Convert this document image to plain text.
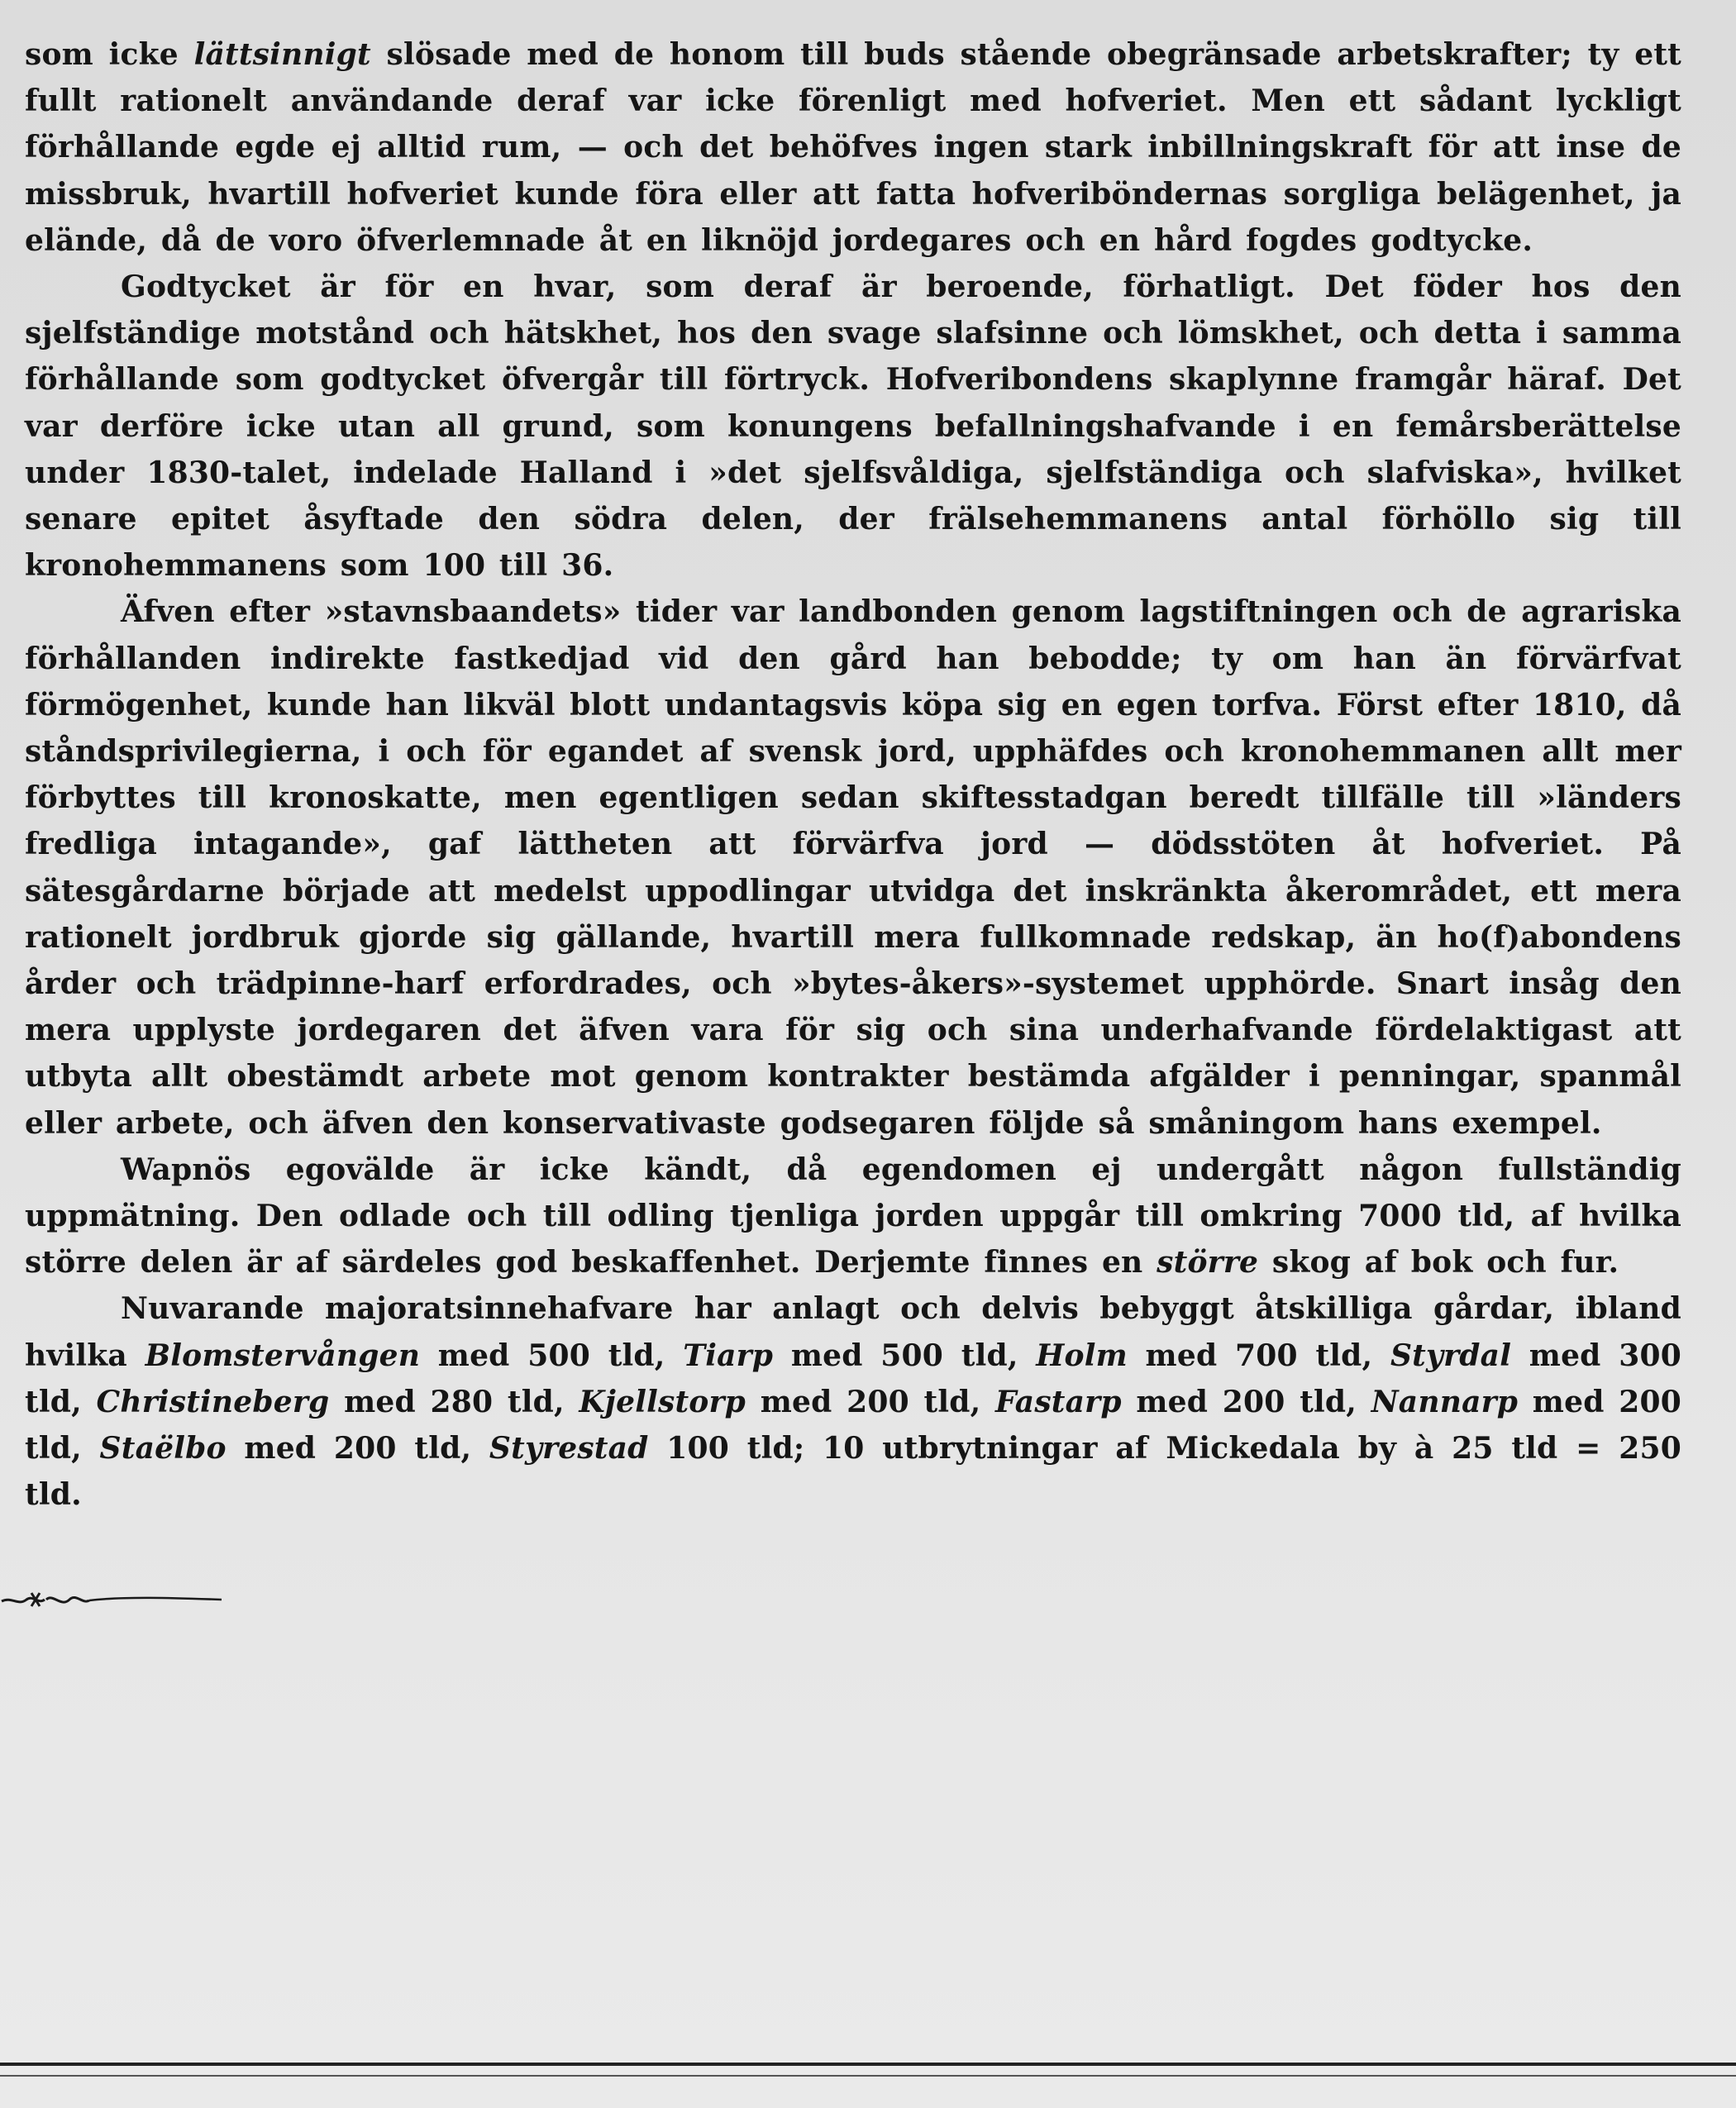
som icke lättsinnigt slösade med de honom till buds stående obegränsade arbetskrafter; ty ett fullt rationelt användande deraf var icke förenligt med hofveriet. Men ett sådant lyckligt förhållande egde ej alltid rum, — och det behöfves ingen stark inbillningskraft för att inse de missbruk, hvartill hofveriet kunde föra eller att fatta hofveriböndernas sorgliga belägenhet, ja elände, då de voro öfverlemnade åt en liknöjd jordegares och en hård fogdes godtycke.

Godtycket är för en hvar, som deraf är beroende, förhatligt. Det föder hos den sjelfständige motstånd och hätskhet, hos den svage slafsinne och lömskhet, och detta i samma förhållande som godtycket öfvergår till förtryck. Hofveribondens skaplynne framgår häraf. Det var derföre icke utan all grund, som konungens befallningshafvande i en femårsberättelse under 1830-talet, indelade Halland i »det sjelfsvåldiga, sjelfständiga och slafviska», hvilket senare epitet åsyftade den södra delen, der frälsehemmanens antal förhöllo sig till kronohemmanens som 100 till 36.

Äfven efter »stavnsbaandets» tider var landbonden genom lagstiftningen och de agrariska förhållanden indirekte fastkedjad vid den gård han bebodde; ty om han än förvärfvat förmögenhet, kunde han likväl blott undantagsvis köpa sig en egen torfva. Först efter 1810, då ståndsprivilegierna, i och för egandet af svensk jord, upphäfdes och kronohemmanen allt mer förbyttes till kronoskatte, men egentligen sedan skiftesstadgan beredt tillfälle till »länders fredliga intagande», gaf lättheten att förvärfva jord — dödsstöten åt hofveriet. På sätesgårdarne började att medelst uppodlingar utvidga det inskränkta åkerområdet, ett mera rationelt jordbruk gjorde sig gällande, hvartill mera fullkomnade redskap, än ho(f)abondens årder och trädpinne-harf erfordrades, och »bytes-åkers»-systemet upphörde. Snart insåg den mera upplyste jordegaren det äfven vara för sig och sina underhafvande fördelaktigast att utbyta allt obestämdt arbete mot genom kontrakter bestämda afgälder i penningar, spanmål eller arbete, och äfven den konservativaste godsegaren följde så småningom hans exempel.

Wapnös egovälde är icke kändt, då egendomen ej undergått någon fullständig uppmätning. Den odlade och till odling tjenliga jorden uppgår till omkring 7000 tld, af hvilka större delen är af särdeles god beskaffenhet. Derjemte finnes en större skog af bok och fur.

Nuvarande majoratsinnehafvare har anlagt och delvis bebyggt åtskilliga gårdar, ibland hvilka Blomstervången med 500 tld, Tiarp med 500 tld, Holm med 700 tld, Styrdal med 300 tld, Christineberg med 280 tld, Kjellstorp med 200 tld, Fastarp med 200 tld, Nannarp med 200 tld, Staëlbo med 200 tld, Styrestad 100 tld; 10 utbrytningar af Mickedala by à 25 tld = 250 tld.
